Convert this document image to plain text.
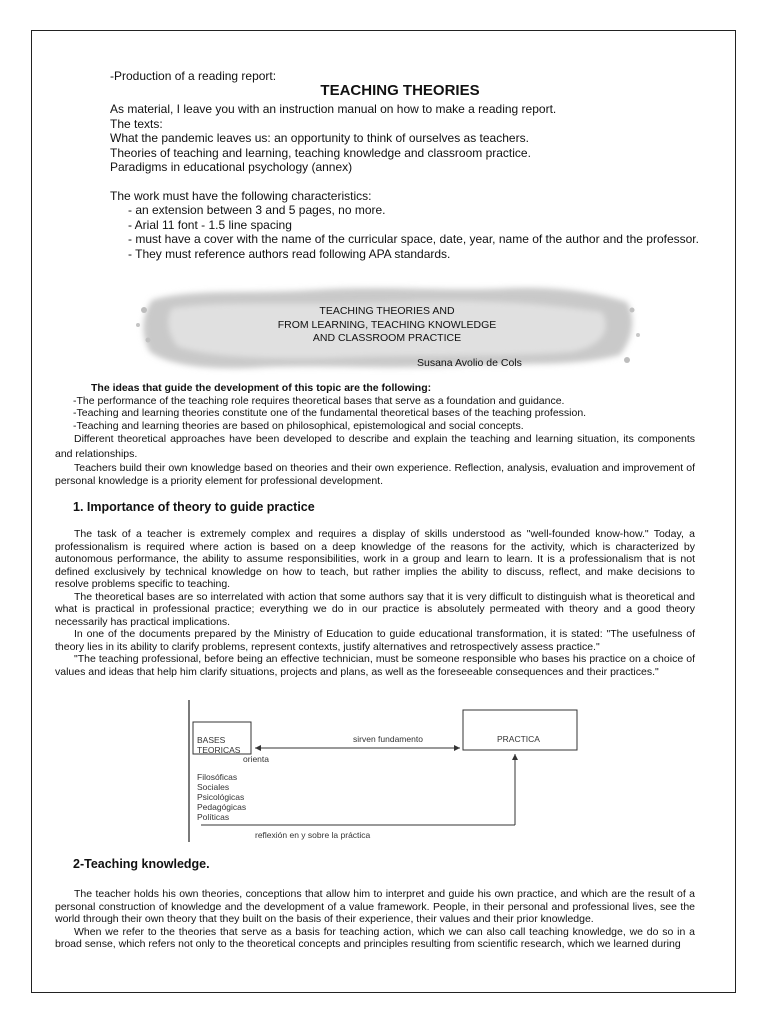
-Production of a reading report:
TEACHING THEORIES

As material, I leave you with an instruction manual on how to make a reading report.

The texts:

What the pandemic leaves us: an opportunity to think of ourselves as teachers.

Theories of teaching and learning, teaching knowledge and classroom practice.

Paradigms in educational psychology (annex)

The work must have the following characteristics:

- an extension between 3 and 5 pages, no more.

- Arial 11 font - 1.5 line spacing

- must have a cover with the name of the curricular space, date, year, name of the author and the professor.

- They must reference authors read following APA standards.

TEACHING THEORIES AND
FROM LEARNING, TEACHING KNOWLEDGE
AND CLASSROOM PRACTICE
Susana Avolio de Cols

The ideas that guide the development of this topic are the following:

-The performance of the teaching role requires theoretical bases that serve as a foundation and guidance.

-Teaching and learning theories constitute one of the fundamental theoretical bases of the teaching profession.

-Teaching and learning theories are based on philosophical, epistemological and social concepts.

Different theoretical approaches have been developed to describe and explain the teaching and learning situation, its components and relationships.

Teachers build their own knowledge based on theories and their own experience. Reflection, analysis, evaluation and improvement of personal knowledge is a priority element for professional development.

1. Importance of theory to guide practice

The task of a teacher is extremely complex and requires a display of skills understood as "well-founded know-how." Today, a professionalism is required where action is based on a deep knowledge of the reasons for the activity, which is characterized by autonomous performance, the ability to assume responsibilities, work in a group and learn to learn. It is a professionalism that is not defined exclusively by technical knowledge on how to teach, but rather implies the ability to discuss, reflect, and make decisions to resolve problems specific to teaching.

The theoretical bases are so interrelated with action that some authors say that it is very difficult to distinguish what is theoretical and what is practical in professional practice; everything we do in our practice is absolutely permeated with theory and a good theory necessarily has practical implications.

In one of the documents prepared by the Ministry of Education to guide educational transformation, it is stated: "The usefulness of theory lies in its ability to clarify problems, represent contexts, justify alternatives and retrospectively assess practice."

"The teaching professional, before being an effective technician, must be someone responsible who bases his practice on a choice of values and ideas that help him clarify situations, projects and plans, as well as the foreseeable consequences and their practices."

BASES
TEORICAS
PRACTICA
sirven fundamento
orienta
Filosóficas
Sociales
Psicológicas
Pedagógicas
Políticas
reflexión en y sobre la práctica
2-Teaching knowledge.

The teacher holds his own theories, conceptions that allow him to interpret and guide his own practice, and which are the result of a personal construction of knowledge and the development of a value framework. People, in their personal and professional lives, see the world through their own theory that they built on the basis of their experience, their values and their prior knowledge.

When we refer to the theories that serve as a basis for teaching action, which we can also call teaching knowledge, we do so in a broad sense, which refers not only to the theoretical concepts and principles resulting from scientific research, which we learned during
